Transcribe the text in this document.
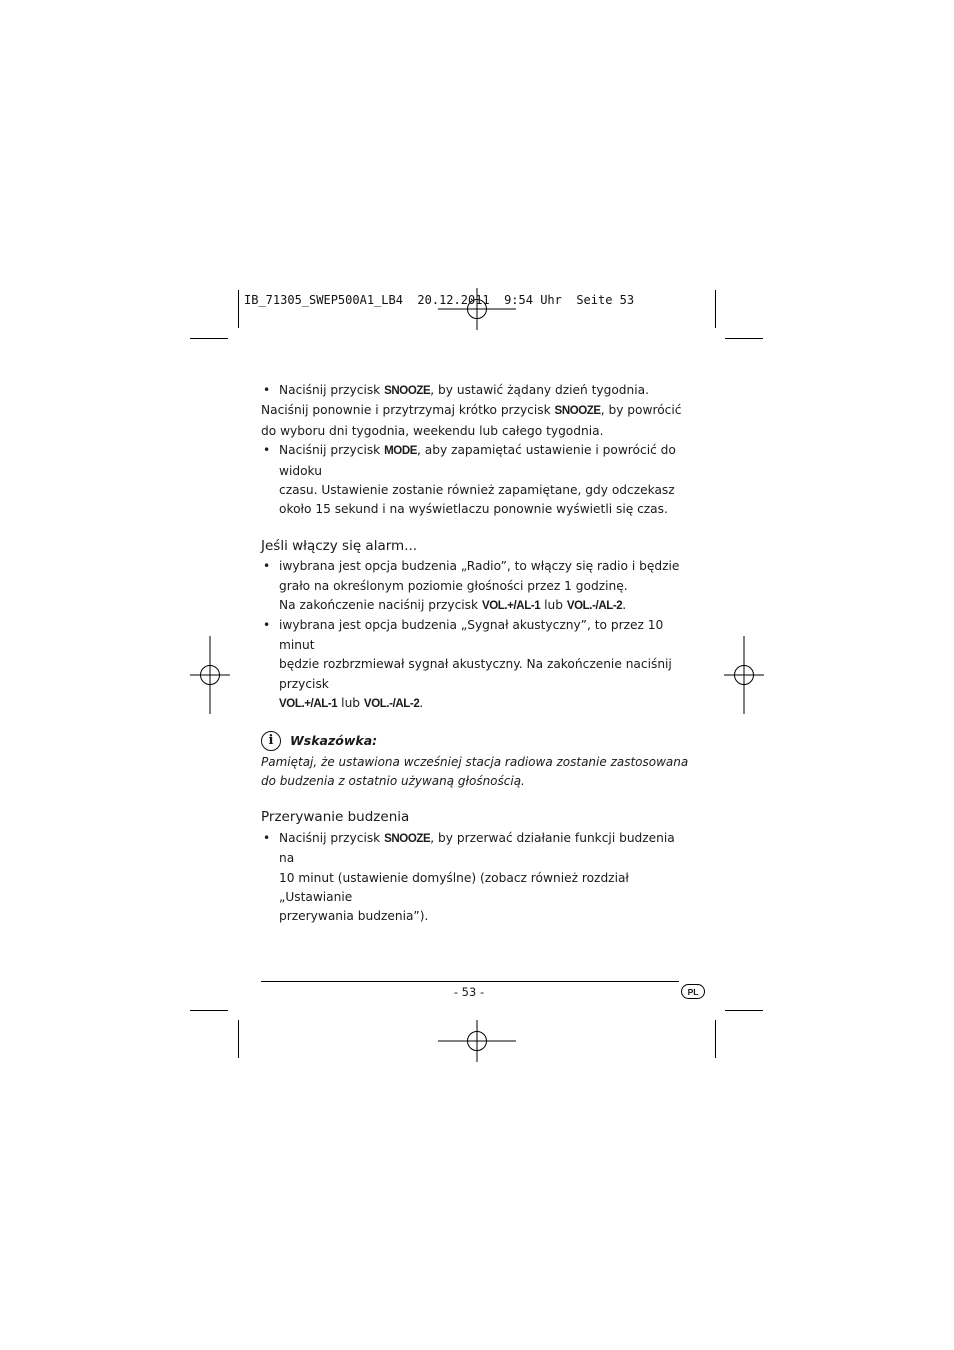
IB_71305_SWEP500A1_LB4  20.12.2011  9:54 Uhr  Seite 53

• Naciśnij przycisk SNOOZE, by ustawić żądany dzień tygodnia.

Naciśnij ponownie i przytrzymaj krótko przycisk SNOOZE, by powrócić
do wyboru dni tygodnia, weekendu lub całego tygodnia.

• Naciśnij przycisk MODE, aby zapamiętać ustawienie i powrócić do widoku
czasu. Ustawienie zostanie również zapamiętane, gdy odczekasz
około 15 sekund i na wyświetlaczu ponownie wyświetli się czas.

Jeśli włączy się alarm...

• iwybrana jest opcja budzenia „Radio”, to włączy się radio i będzie
grało na określonym poziomie głośności przez 1 godzinę.
Na zakończenie naciśnij przycisk VOL.+/AL-1 lub VOL.-/AL-2.

• iwybrana jest opcja budzenia „Sygnał akustyczny”, to przez 10 minut
będzie rozbrzmiewał sygnał akustyczny. Na zakończenie naciśnij przycisk
VOL.+/AL-1 lub VOL.-/AL-2.

i	Wskazówka:

Pamiętaj, że ustawiona wcześniej stacja radiowa zostanie zastosowana
do budzenia z ostatnio używaną głośnością.

Przerywanie budzenia

• Naciśnij przycisk SNOOZE, by przerwać działanie funkcji budzenia na
10 minut (ustawienie domyślne) (zobacz również rozdział „Ustawianie
przerywania budzenia”).

- 53 -	PL
